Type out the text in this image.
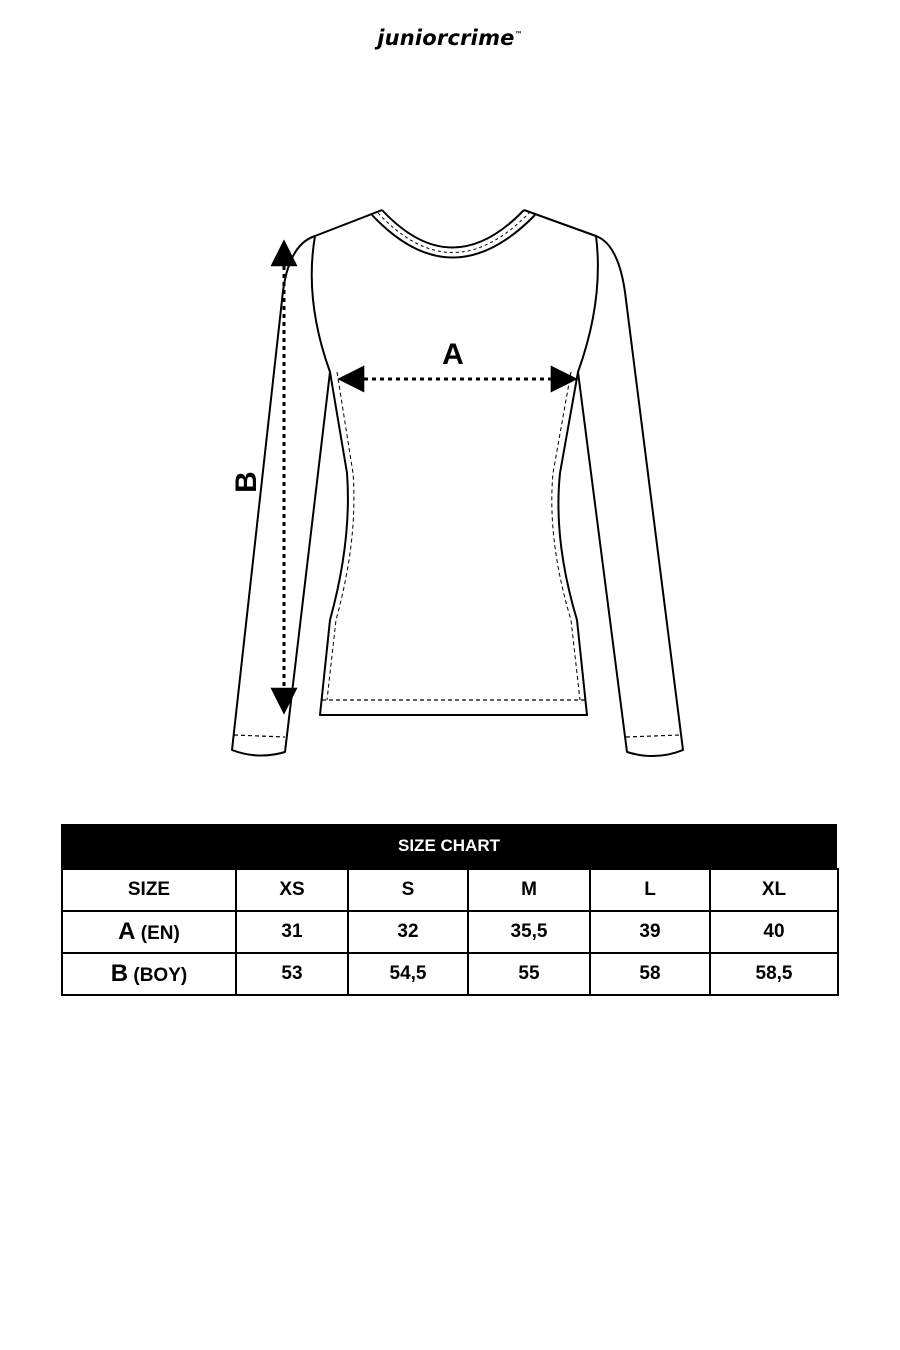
juniorcrime™
A
B
SIZE CHART
SIZE	XS	S	M	L	XL
A (EN)	31	32	35,5	39	40
B (BOY)	53	54,5	55	58	58,5
